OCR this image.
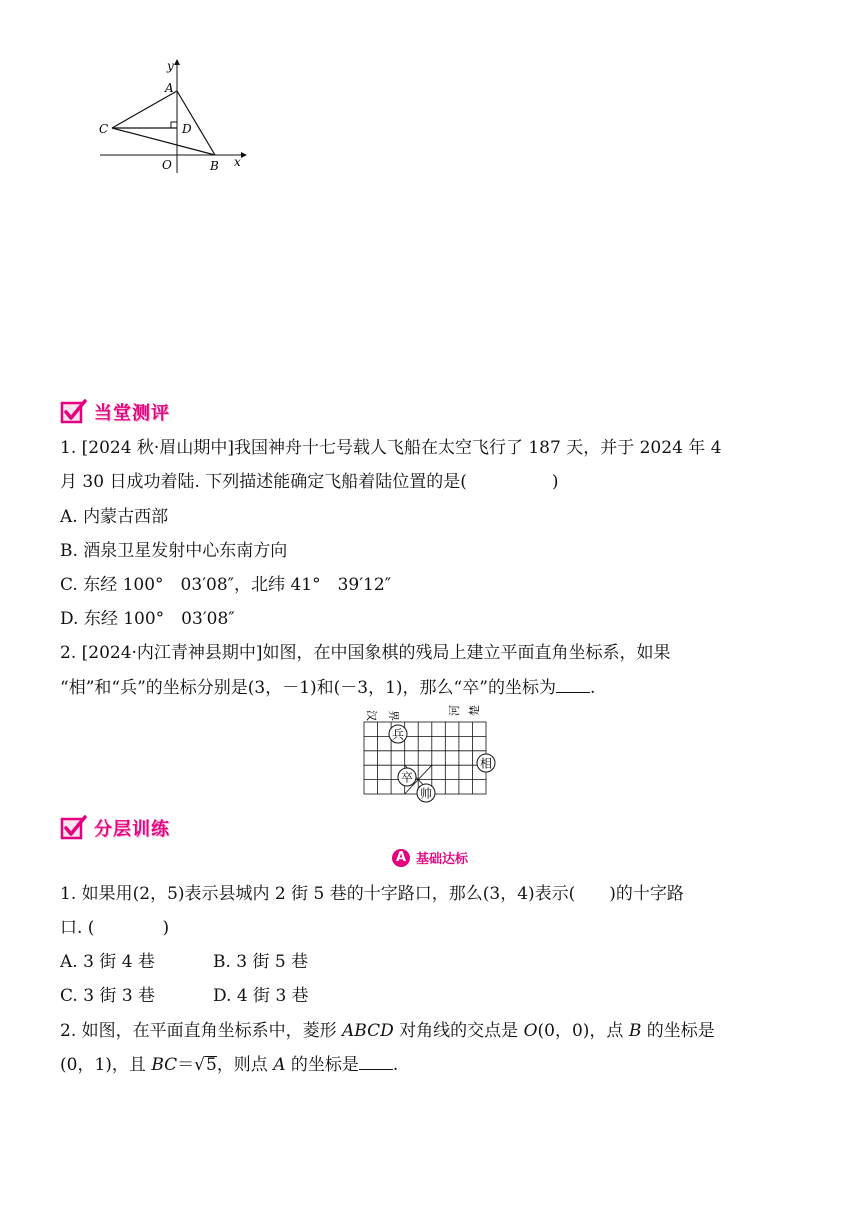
y
A
C	D
O	B x
当堂测评
1. [2024 秋·眉山期中]我国神舟十七号载人飞船在太空飞行了 187 天，并于 2024 年 4
月 30 日成功着陆. 下列描述能确定飞船着陆位置的是(　　　　　)
A. 内蒙古西部
B. 酒泉卫星发射中心东南方向
C. 东经 100°　03′08″，北纬 41°　39′12″
D. 东经 100°　03′08″
2. [2024·内江青神县期中]如图，在中国象棋的残局上建立平面直角坐标系，如果
“相”和“兵”的坐标分别是(3，－1)和(－3，1)，那么“卒”的坐标为 .
汉 界	河 楚
兵
相
卒
帅
分层训练
A 基础达标
1. 如果用(2，5)表示县城内 2 街 5 巷的十字路口，那么(3，4)表示(　　)的十字路
口. (　　　　)
A. 3 街 4 巷	B. 3 街 5 巷
C. 3 街 3 巷	D. 4 街 3 巷
2. 如图，在平面直角坐标系中，菱形 ABCD 对角线的交点是 O(0，0)，点 B 的坐标是
(0，1)，且 BC＝√5，则点 A 的坐标是 .
